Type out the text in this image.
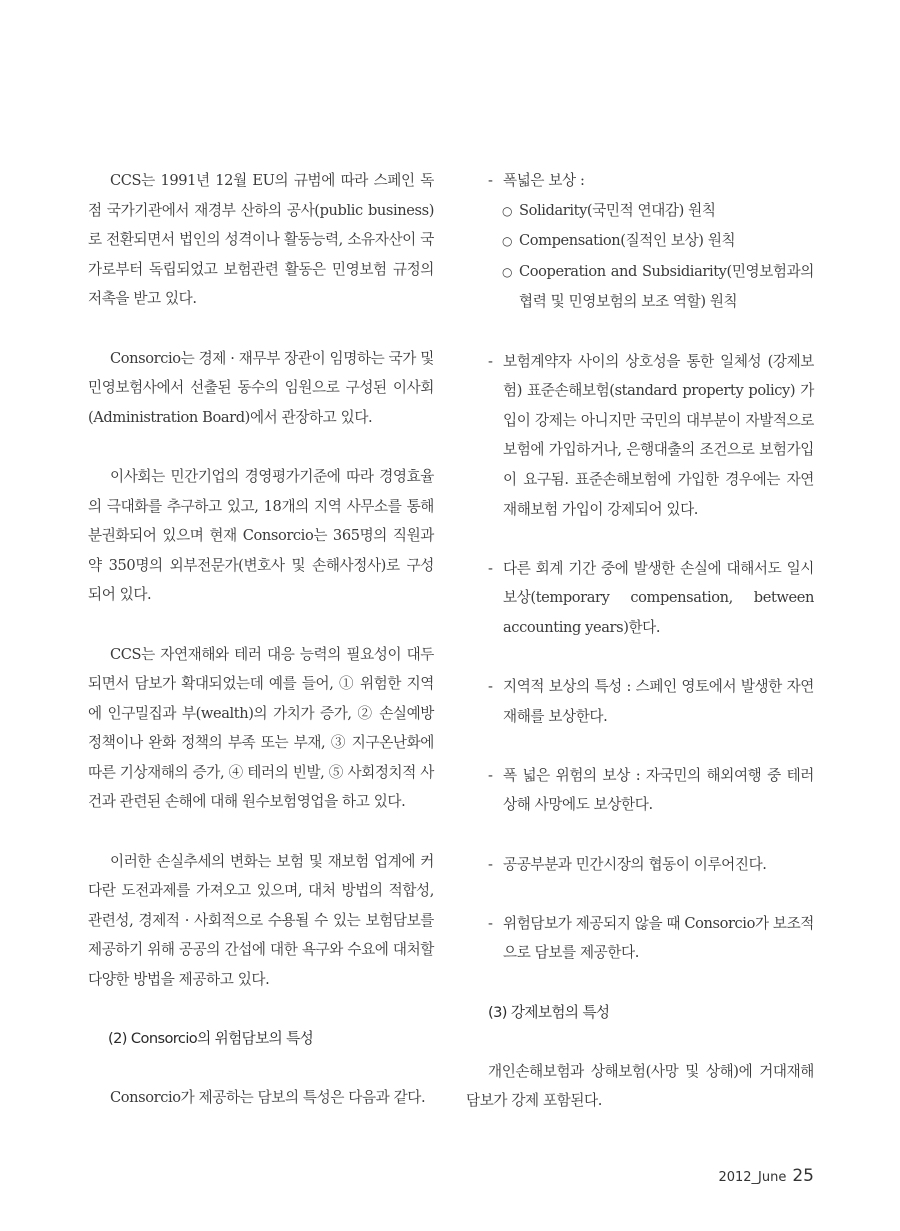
CCS는 1991년 12월 EU의 규범에 따라 스페인 독점 국가기관에서 재경부 산하의 공사(public business)로 전환되면서 법인의 성격이나 활동능력, 소유자산이 국가로부터 독립되었고 보험관련 활동은 민영보험 규정의 저촉을 받고 있다.

Consorcio는 경제 · 재무부 장관이 임명하는 국가 및 민영보험사에서 선출된 동수의 임원으로 구성된 이사회(Administration Board)에서 관장하고 있다.

이사회는 민간기업의 경영평가기준에 따라 경영효율의 극대화를 추구하고 있고, 18개의 지역 사무소를 통해 분권화되어 있으며 현재 Consorcio는 365명의 직원과 약 350명의 외부전문가(변호사 및 손해사정사)로 구성되어 있다.

CCS는 자연재해와 테러 대응 능력의 필요성이 대두되면서 담보가 확대되었는데 예를 들어, ① 위험한 지역에 인구밀집과 부(wealth)의 가치가 증가, ② 손실예방정책이나 완화 정책의 부족 또는 부재, ③ 지구온난화에 따른 기상재해의 증가, ④ 테러의 빈발, ⑤ 사회정치적 사건과 관련된 손해에 대해 원수보험영업을 하고 있다.

이러한 손실추세의 변화는 보험 및 재보험 업계에 커다란 도전과제를 가져오고 있으며, 대처 방법의 적합성, 관련성, 경제적 · 사회적으로 수용될 수 있는 보험담보를 제공하기 위해 공공의 간섭에 대한 욕구와 수요에 대처할 다양한 방법을 제공하고 있다.

(2) Consorcio의 위험담보의 특성

Consorcio가 제공하는 담보의 특성은 다음과 같다.

- 폭넓은 보상 :
○ Solidarity(국민적 연대감) 원칙
○ Compensation(질적인 보상) 원칙
○ Cooperation and Subsidiarity(민영보험과의 협력 및 민영보험의 보조 역할) 원칙
- 보험계약자 사이의 상호성을 통한 일체성 (강제보험) 표준손해보험(standard property policy) 가입이 강제는 아니지만 국민의 대부분이 자발적으로 보험에 가입하거나, 은행대출의 조건으로 보험가입이 요구됨. 표준손해보험에 가입한 경우에는 자연재해보험 가입이 강제되어 있다.
- 다른 회계 기간 중에 발생한 손실에 대해서도 일시보상(temporary compensation, between accounting years)한다.
- 지역적 보상의 특성 : 스페인 영토에서 발생한 자연재해를 보상한다.
- 폭 넓은 위험의 보상 : 자국민의 해외여행 중 테러상해 사망에도 보상한다.
- 공공부분과 민간시장의 협동이 이루어진다.
- 위험담보가 제공되지 않을 때 Consorcio가 보조적으로 담보를 제공한다.
(3) 강제보험의 특성

개인손해보험과 상해보험(사망 및 상해)에 거대재해 담보가 강제 포함된다.

2012_June 25
